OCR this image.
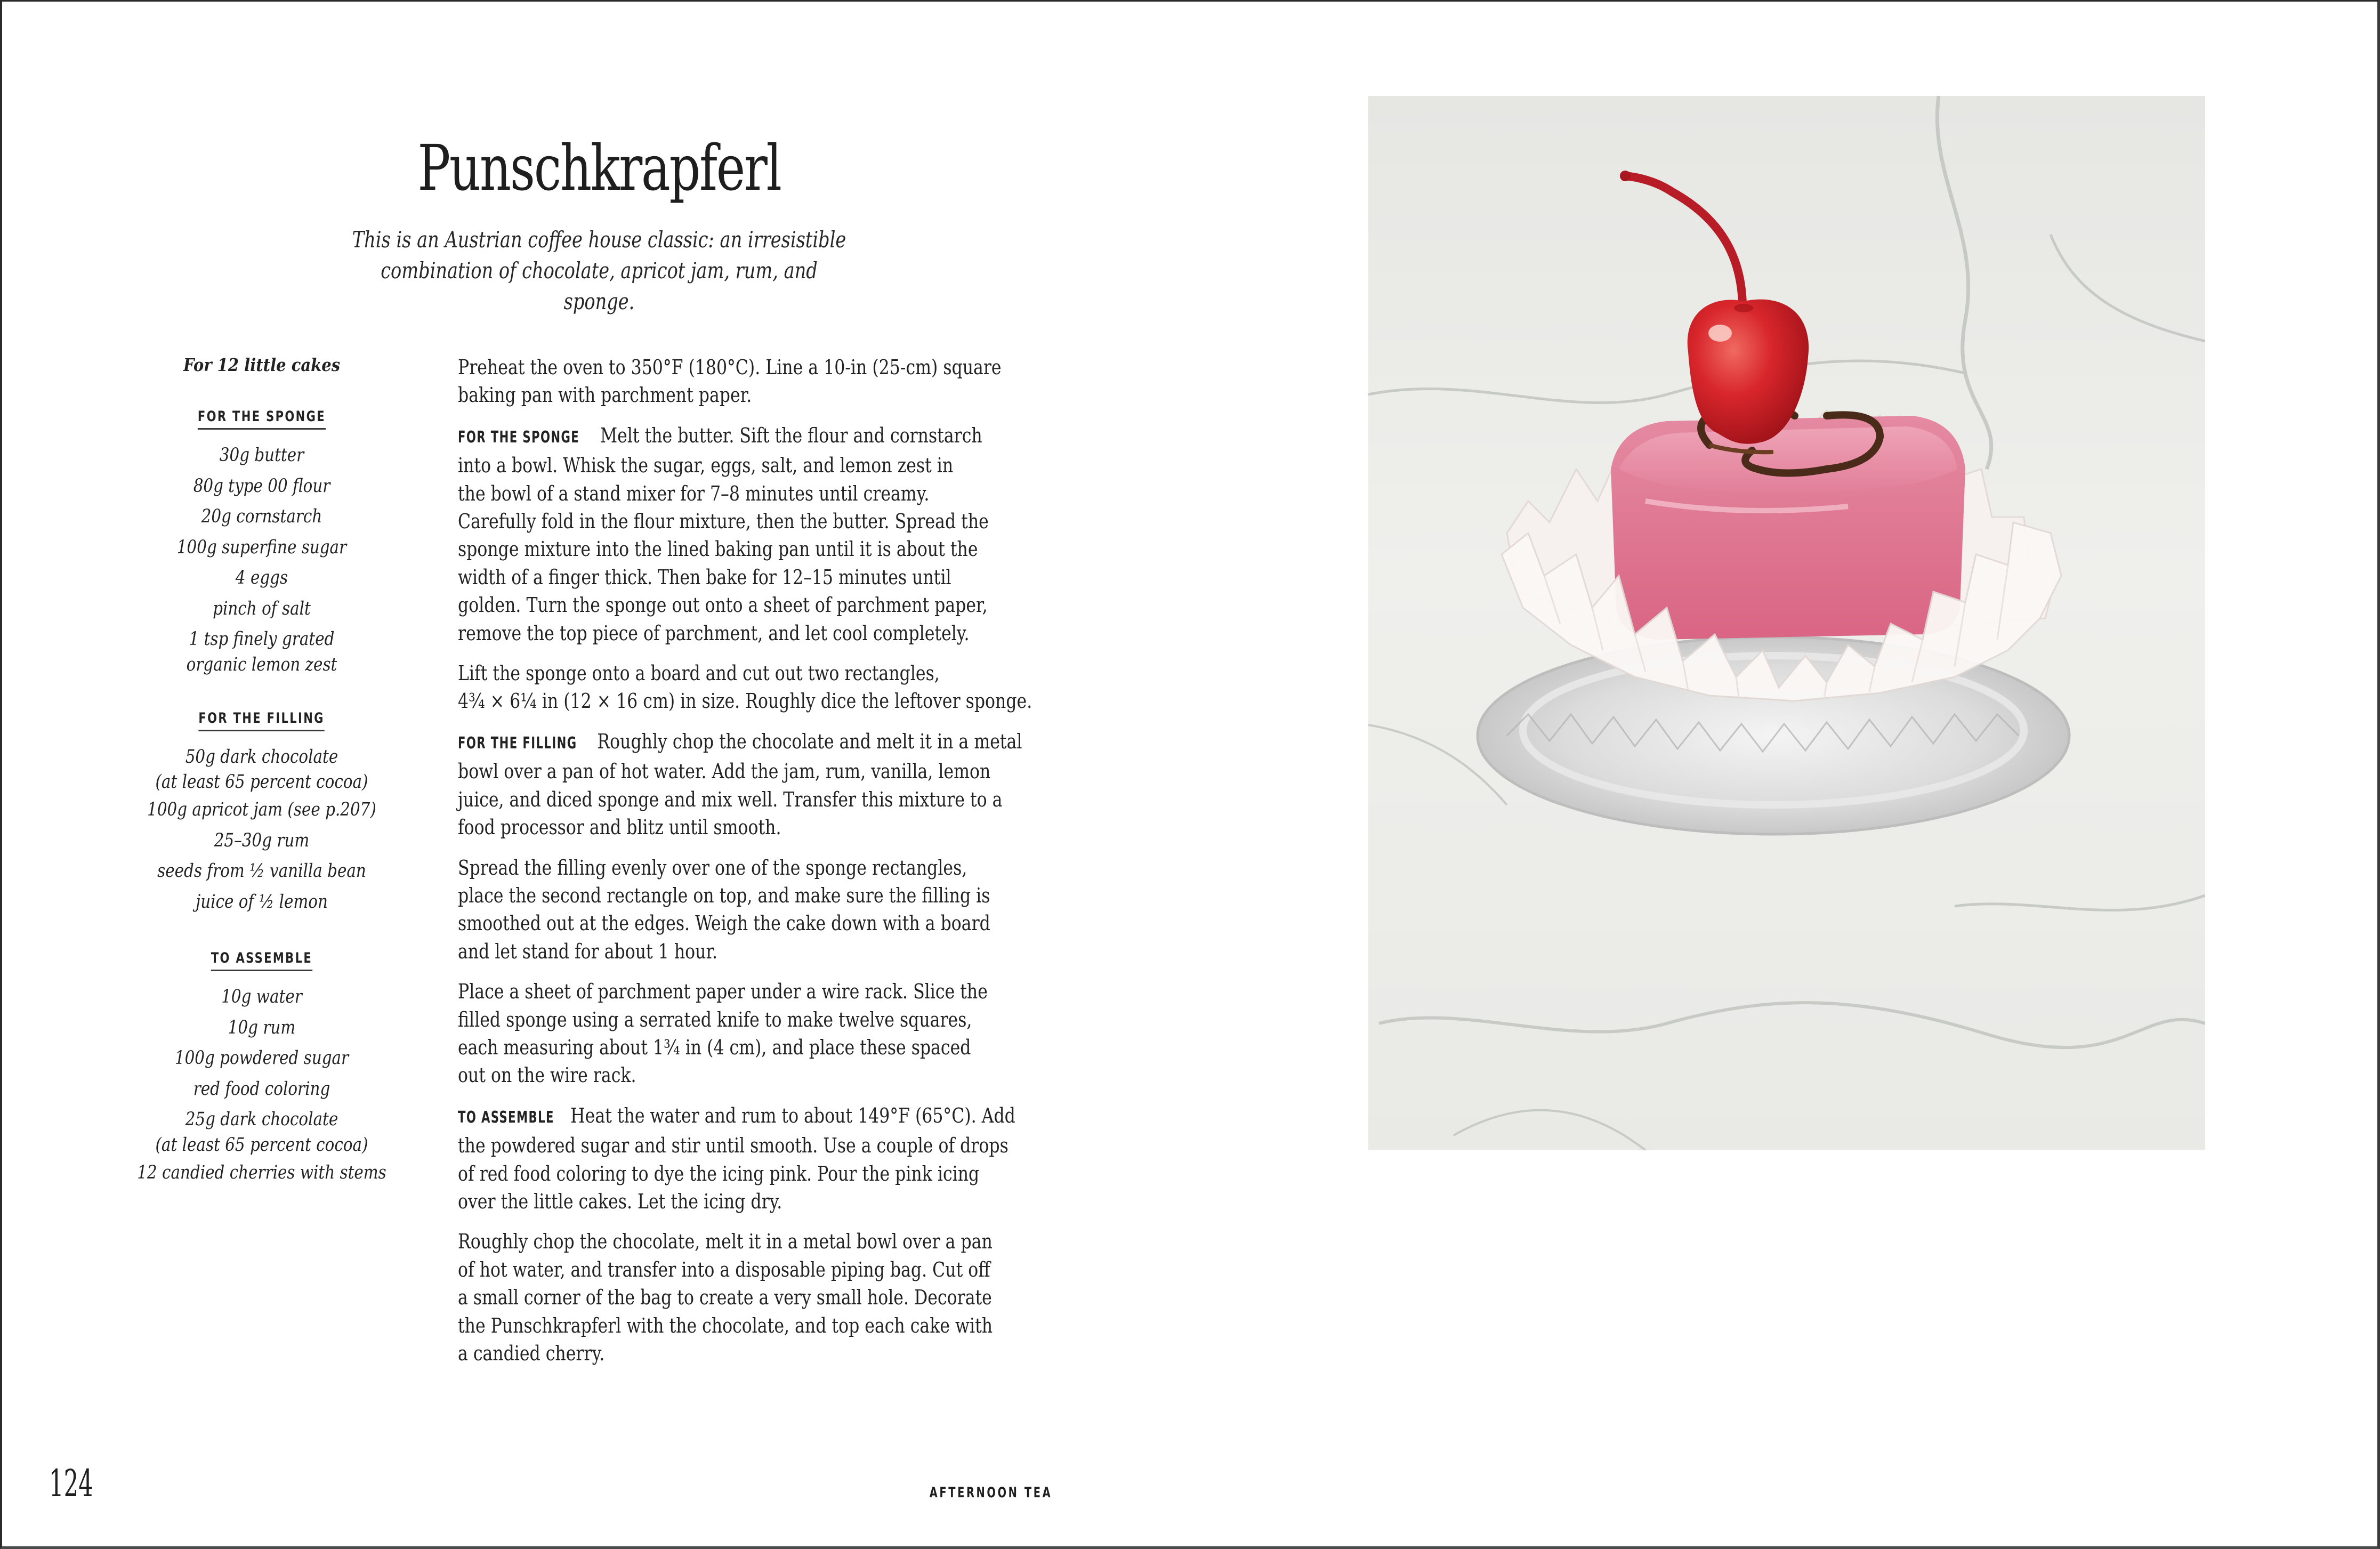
Punschkrapferl
This is an Austrian coffee house classic: an irresistible
combination of chocolate, apricot jam, rum, and sponge.
For 12 little cakes
FOR THE SPONGE
30g butter
80g type 00 flour
20g cornstarch
100g superfine sugar
4 eggs
pinch of salt
1 tsp finely grated
organic lemon zest
FOR THE FILLING
50g dark chocolate
(at least 65 percent cocoa)
100g apricot jam (see p.207)
25–30g rum
seeds from ½ vanilla bean
juice of ½ lemon
TO ASSEMBLE
10g water
10g rum
100g powdered sugar
red food coloring
25g dark chocolate
(at least 65 percent cocoa)
12 candied cherries with stems

Preheat the oven to 350°F (180°C). Line a 10-in (25-cm) square
baking pan with parchment paper.

FOR THE SPONGE Melt the butter. Sift the flour and cornstarch
into a bowl. Whisk the sugar, eggs, salt, and lemon zest in
the bowl of a stand mixer for 7–8 minutes until creamy.
Carefully fold in the flour mixture, then the butter. Spread the
sponge mixture into the lined baking pan until it is about the
width of a finger thick. Then bake for 12–15 minutes until
golden. Turn the sponge out onto a sheet of parchment paper,
remove the top piece of parchment, and let cool completely.

Lift the sponge onto a board and cut out two rectangles,
4¾ × 6¼ in (12 × 16 cm) in size. Roughly dice the leftover sponge.

FOR THE FILLING Roughly chop the chocolate and melt it in a metal
bowl over a pan of hot water. Add the jam, rum, vanilla, lemon
juice, and diced sponge and mix well. Transfer this mixture to a
food processor and blitz until smooth.

Spread the filling evenly over one of the sponge rectangles,
place the second rectangle on top, and make sure the filling is
smoothed out at the edges. Weigh the cake down with a board
and let stand for about 1 hour.

Place a sheet of parchment paper under a wire rack. Slice the
filled sponge using a serrated knife to make twelve squares,
each measuring about 1¾ in (4 cm), and place these spaced
out on the wire rack.

TO ASSEMBLE Heat the water and rum to about 149°F (65°C). Add
the powdered sugar and stir until smooth. Use a couple of drops
of red food coloring to dye the icing pink. Pour the pink icing
over the little cakes. Let the icing dry.

Roughly chop the chocolate, melt it in a metal bowl over a pan
of hot water, and transfer into a disposable piping bag. Cut off
a small corner of the bag to create a very small hole. Decorate
the Punschkrapferl with the chocolate, and top each cake with
a candied cherry.

124	AFTERNOON TEA
